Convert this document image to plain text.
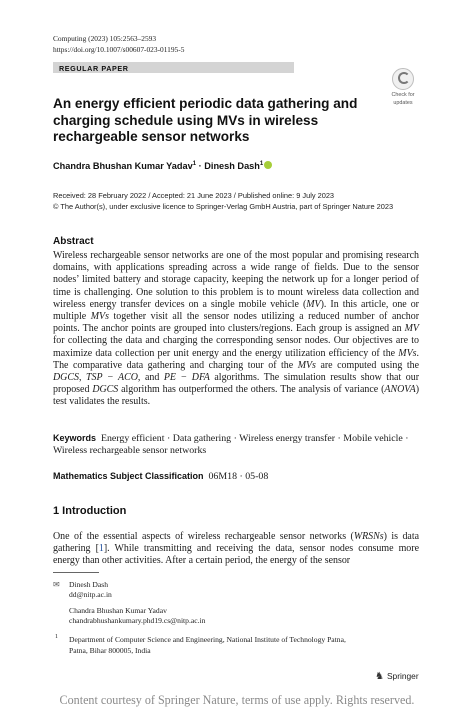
Computing (2023) 105:2563–2593
https://doi.org/10.1007/s00607-023-01195-5
REGULAR PAPER
Check for
updates
An energy efficient periodic data gathering and charging schedule using MVs in wireless rechargeable sensor networks
Chandra Bhushan Kumar Yadav$^1$ · Dinesh Dash$^1$
Received: 28 February 2022 / Accepted: 21 June 2023 / Published online: 9 July 2023
© The Author(s), under exclusive licence to Springer-Verlag GmbH Austria, part of Springer Nature 2023
Abstract
Wireless rechargeable sensor networks are one of the most popular and promising research domains, with applications spreading across a wide range of fields. Due to the sensor nodes’ limited battery and storage capacity, keeping the network up for a longer period of time is challenging. One solution to this problem is to mount wireless data collection and wireless energy transfer devices on a single mobile vehicle (MV). In this article, one or multiple MVs together visit all the sensor nodes utilizing a reduced number of anchor points. The anchor points are grouped into clusters/regions. Each group is assigned an MV for collecting the data and charging the corresponding sensor nodes. Our objectives are to maximize data collection per unit energy and the energy utilization efficiency of the MVs. The comparative data gathering and charging tour of the MVs are computed using the DGCS, TSP − ACO, and PE − DFA algorithms. The simulation results show that our proposed DGCS algorithm has outperformed the others. The analysis of variance (ANOVA) test validates the results.
Keywords Energy efficient · Data gathering · Wireless energy transfer · Mobile vehicle · Wireless rechargeable sensor networks
Mathematics Subject Classification 06M18 · 05-08
1 Introduction
One of the essential aspects of wireless rechargeable sensor networks (WRSNs) is data gathering [1]. While transmitting and receiving the data, sensor nodes consume more energy than other activities. After a certain period, the energy of the sensor
✉ Dinesh Dash
dd@nitp.ac.in
Chandra Bhushan Kumar Yadav
chandrabhushankumary.phd19.cs@nitp.ac.in
1 Department of Computer Science and Engineering, National Institute of Technology Patna,
Patna, Bihar 800005, India
♞ Springer
Content courtesy of Springer Nature, terms of use apply. Rights reserved.
